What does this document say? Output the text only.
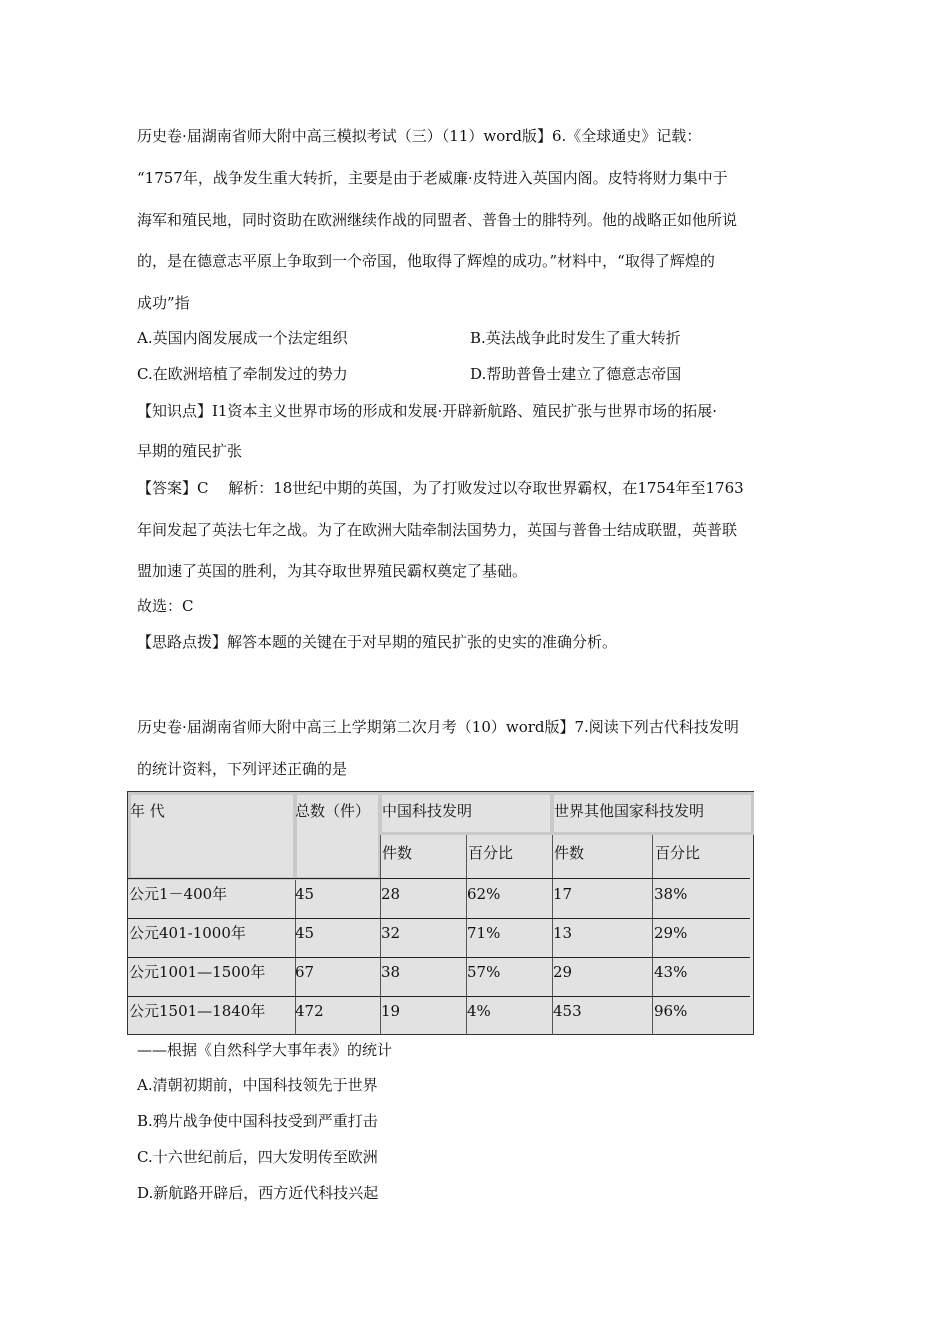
历史卷·届湖南省师大附中高三模拟考试（三）（11）word版】6.《全球通史》记载：
“1757年，战争发生重大转折，主要是由于老威廉·皮特进入英国内阁。皮特将财力集中于
海军和殖民地，同时资助在欧洲继续作战的同盟者、普鲁士的腓特列。他的战略正如他所说
的，是在德意志平原上争取到一个帝国，他取得了辉煌的成功。”材料中，“取得了辉煌的
成功”指
A.英国内阁发展成一个法定组织	B.英法战争此时发生了重大转折
C.在欧洲培植了牵制发过的势力	D.帮助普鲁士建立了德意志帝国
【知识点】I1资本主义世界市场的形成和发展·开辟新航路、殖民扩张与世界市场的拓展·
早期的殖民扩张
【答案】C　 解析：18世纪中期的英国，为了打败发过以夺取世界霸权，在1754年至1763
年间发起了英法七年之战。为了在欧洲大陆牵制法国势力，英国与普鲁士结成联盟，英普联
盟加速了英国的胜利，为其夺取世界殖民霸权奠定了基础。
故选：C
【思路点拨】解答本题的关键在于对早期的殖民扩张的史实的准确分析。
历史卷·届湖南省师大附中高三上学期第二次月考（10）word版】7.阅读下列古代科技发明
的统计资料，下列评述正确的是
年 代	总数（件） 中国科技发明	世界其他国家科技发明
件数	百分比	件数	百分比
公元1－400年	45	28	62%	17	38%
公元401-1000年	45	32	71%	13	29%
公元1001—1500年 67	38	57%	29	43%
公元1501—1840年 472	19	4%	453	96%
——根据《自然科学大事年表》的统计
A.清朝初期前，中国科技领先于世界
B.鸦片战争使中国科技受到严重打击
C.十六世纪前后，四大发明传至欧洲
D.新航路开辟后，西方近代科技兴起
